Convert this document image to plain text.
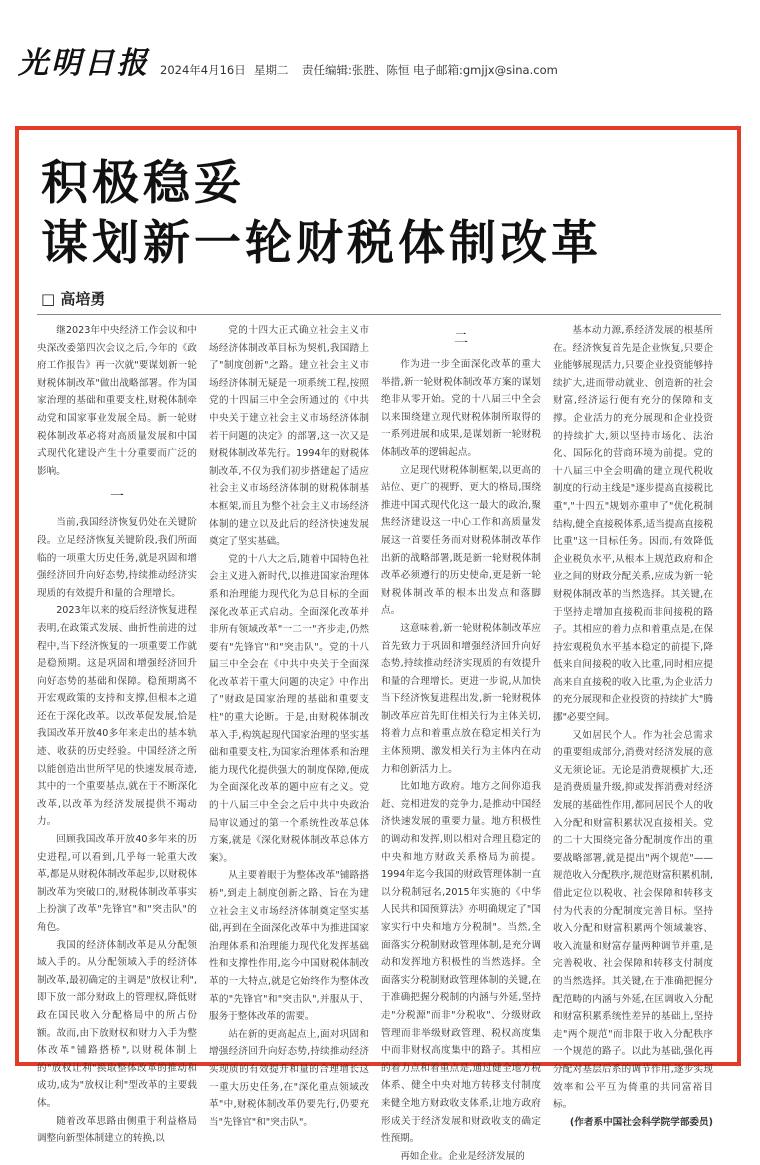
光明日报 2024年4月16日 星期二 责任编辑:张胜、陈恒 电子邮箱:gmjjx@sina.com
积极稳妥
谋划新一轮财税体制改革
□ 高培勇

继2023年中央经济工作会议和中央深改委第四次会议之后,今年的《政府工作报告》再一次就"要谋划新一轮财税体制改革"做出战略部署。作为国家治理的基础和重要支柱,财税体制牵动党和国家事业发展全局。新一轮财税体制改革必将对高质量发展和中国式现代化建设产生十分重要而广泛的影响。

一

当前,我国经济恢复仍处在关键阶段。立足经济恢复关键阶段,我们所面临的一项重大历史任务,就是巩固和增强经济回升向好态势,持续推动经济实现质的有效提升和量的合理增长。

2023年以来的疫后经济恢复进程表明,在政策式发展、曲折性前进的过程中,当下经济恢复的一项重要工作就是稳预期。这是巩固和增强经济回升向好态势的基础和保障。稳预期离不开宏观政策的支持和支撑,但根本之道还在于深化改革。以改革促发展,恰是我国改革开放40多年来走出的基本轨迹、收获的历史经验。中国经济之所以能创造出世所罕见的快速发展奇迹,其中的一个重要基点,就在于不断深化改革,以改革为经济发展提供不竭动力。

回顾我国改革开放40多年来的历史进程,可以看到,几乎每一轮重大改革,都是从财税体制改革起步,以财税体制改革为突破口的,财税体制改革事实上扮演了改革"先锋官"和"突击队"的角色。

我国的经济体制改革是从分配领域入手的。从分配领域入手的经济体制改革,最初确定的主调是"放权让利",即下放一部分财政上的管理权,降低财政在国民收入分配格局中的所占份额。故而,由下放财权和财力入手为整体改革"铺路搭桥",以财税体制上的"放权让利"换取整体改革的推动和成功,成为"放权让利"型改革的主要载体。

随着改革思路由侧重于利益格局调整向新型体制建立的转换,以

党的十四大正式确立社会主义市场经济体制改革目标为契机,我国踏上了"制度创新"之路。建立社会主义市场经济体制无疑是一项系统工程,按照党的十四届三中全会所通过的《中共中央关于建立社会主义市场经济体制若干问题的决定》的部署,这一次又是财税体制改革先行。1994年的财税体制改革,不仅为我们初步搭建起了适应社会主义市场经济体制的财税体制基本框架,而且为整个社会主义市场经济体制的建立以及此后的经济快速发展奠定了坚实基础。

党的十八大之后,随着中国特色社会主义进入新时代,以推进国家治理体系和治理能力现代化为总目标的全面深化改革正式启动。全面深化改革并非所有领域改革"一二一"齐步走,仍然要有"先锋官"和"突击队"。党的十八届三中全会在《中共中央关于全面深化改革若干重大问题的决定》中作出了"财政是国家治理的基础和重要支柱"的重大论断。于是,由财税体制改革入手,构筑起现代国家治理的坚实基础和重要支柱,为国家治理体系和治理能力现代化提供强大的制度保障,便成为全面深化改革的题中应有之义。党的十八届三中全会之后中共中央政治局审议通过的第一个系统性改革总体方案,就是《深化财税体制改革总体方案》。

从主要着眼于为整体改革"铺路搭桥",到走上制度创新之路、旨在为建立社会主义市场经济体制奠定坚实基础,再到在全面深化改革中为推进国家治理体系和治理能力现代化发挥基础性和支撑性作用,迄今中国财税体制改革的一大特点,就是它始终作为整体改革的"先锋官"和"突击队",并服从于、服务于整体改革的需要。

站在新的更高起点上,面对巩固和增强经济回升向好态势,持续推动经济实现质的有效提升和量的合理增长这一重大历史任务,在"深化重点领域改革"中,财税体制改革仍要先行,仍要充当"先锋官"和"突击队"。

二

作为进一步全面深化改革的重大举措,新一轮财税体制改革方案的谋划绝非从零开始。党的十八届三中全会以来围绕建立现代财税体制所取得的一系列进展和成果,是谋划新一轮财税体制改革的逻辑起点。

立足现代财税体制框架,以更高的站位、更广的视野、更大的格局,围绕推进中国式现代化这一最大的政治,聚焦经济建设这一中心工作和高质量发展这一首要任务而对财税体制改革作出新的战略部署,既是新一轮财税体制改革必须遵行的历史使命,更是新一轮财税体制改革的根本出发点和落脚点。

这意味着,新一轮财税体制改革应首先致力于巩固和增强经济回升向好态势,持续推动经济实现质的有效提升和量的合理增长。更进一步说,从加快当下经济恢复进程出发,新一轮财税体制改革应首先盯住相关行为主体关切,将着力点和着重点放在稳定相关行为主体预期、激发相关行为主体内在动力和创新活力上。

比如地方政府。地方之间你追我赶、竞相进发的竞争力,是推动中国经济快速发展的重要力量。地方积极性的调动和发挥,则以相对合理且稳定的中央和地方财政关系格局为前提。1994年迄今我国的财政管理体制一直以分税制冠名,2015年实施的《中华人民共和国预算法》亦明确规定了"国家实行中央和地方分税制"。当然,全面落实分税制财政管理体制,是充分调动和发挥地方积极性的当然选择。全面落实分税制财政管理体制的关键,在于准确把握分税制的内涵与外延,坚持走"分税源"而非"分税收"、分级财政管理而非举级财政管理、税权高度集中而非财权高度集中的路子。其相应的着力点和着重点是,通过健全地方税体系、健全中央对地方转移支付制度来健全地方财政收支体系,让地方政府形成关于经济发展和财政收支的确定性预期。

再如企业。企业是经济发展的

基本动力源,系经济发展的根基所在。经济恢复首先是企业恢复,只要企业能够展现活力,只要企业投资能够持续扩大,进而带动就业、创造新的社会财富,经济运行便有充分的保障和支撑。企业活力的充分展现和企业投资的持续扩大,须以坚持市场化、法治化、国际化的营商环境为前提。党的十八届三中全会明确的建立现代税收制度的行动主线是"逐步提高直接税比重","十四五"规划亦重申了"优化税制结构,健全直接税体系,适当提高直接税比重"这一目标任务。因而,有效降低企业税负水平,从根本上规范政府和企业之间的财政分配关系,应成为新一轮财税体制改革的当然选择。其关键,在于坚持走增加直接税而非间接税的路子。其相应的着力点和着重点是,在保持宏观税负水平基本稳定的前提下,降低来自间接税的收入比重,同时相应提高来自直接税的收入比重,为企业活力的充分展现和企业投资的持续扩大"腾挪"必要空间。

又如居民个人。作为社会总需求的重要组成部分,消费对经济发展的意义无须论证。无论是消费规模扩大,还是消费质量升级,抑或发挥消费对经济发展的基础性作用,都同居民个人的收入分配和财富积累状况直接相关。党的二十大围绕完备分配制度作出的重要战略部署,就是提出"两个规范"——规范收入分配秩序,规范财富积累机制,借此定位以税收、社会保障和转移支付为代表的分配制度完善目标。坚持收入分配和财富积累两个领域兼容、收入流量和财富存量两种调节并重,是完善税收、社会保障和转移支付制度的当然选择。其关键,在于准确把握分配范畴的内涵与外延,在匡调收入分配和财富积累系统性差异的基础上,坚持走"两个规范"而非限于收入分配秩序一个规范的路子。以此为基础,强化再分配对基层后系的调节作用,逐步实现效率和公平互为倚重的共同富裕目标。

(作者系中国社会科学院学部委员)
